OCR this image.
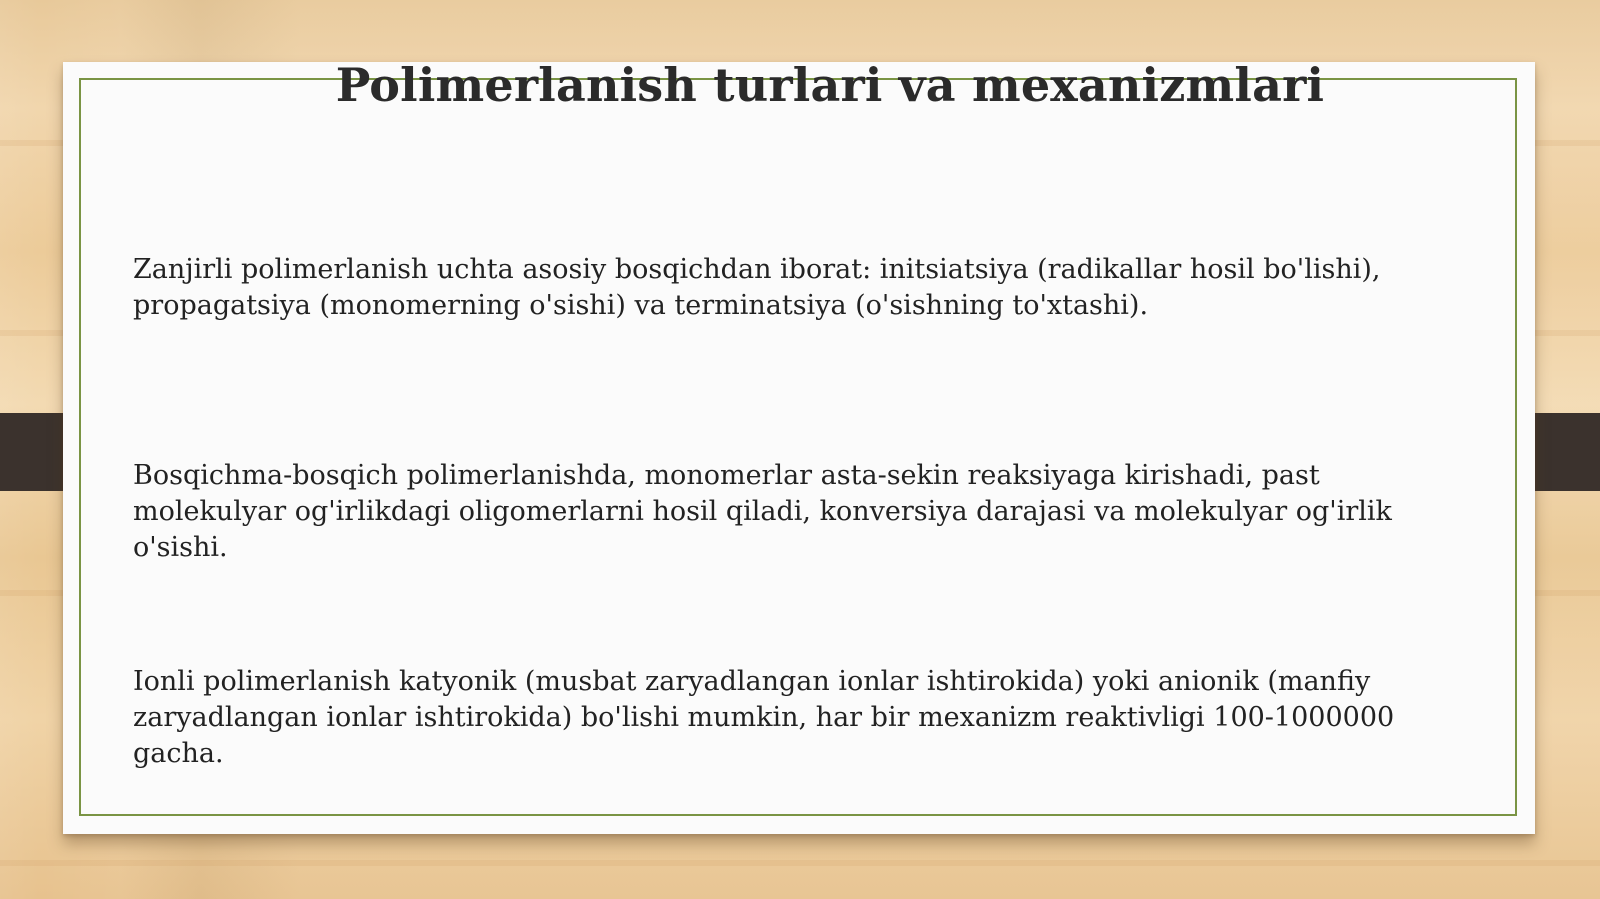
Polimerlanish turlari va mexanizmlari
Zanjirli polimerlanish uchta asosiy bosqichdan iborat: initsiatsiya (radikallar hosil bo'lishi), propagatsiya (monomerning o'sishi) va terminatsiya (o'sishning to'xtashi).
Bosqichma-bosqich polimerlanishda, monomerlar asta-sekin reaksiyaga kirishadi, past molekulyar og'irlikdagi oligomerlarni hosil qiladi, konversiya darajasi va molekulyar og'irlik o'sishi.
Ionli polimerlanish katyonik (musbat zaryadlangan ionlar ishtirokida) yoki anionik (manfiy zaryadlangan ionlar ishtirokida) bo'lishi mumkin, har bir mexanizm reaktivligi 100-1000000 gacha.
